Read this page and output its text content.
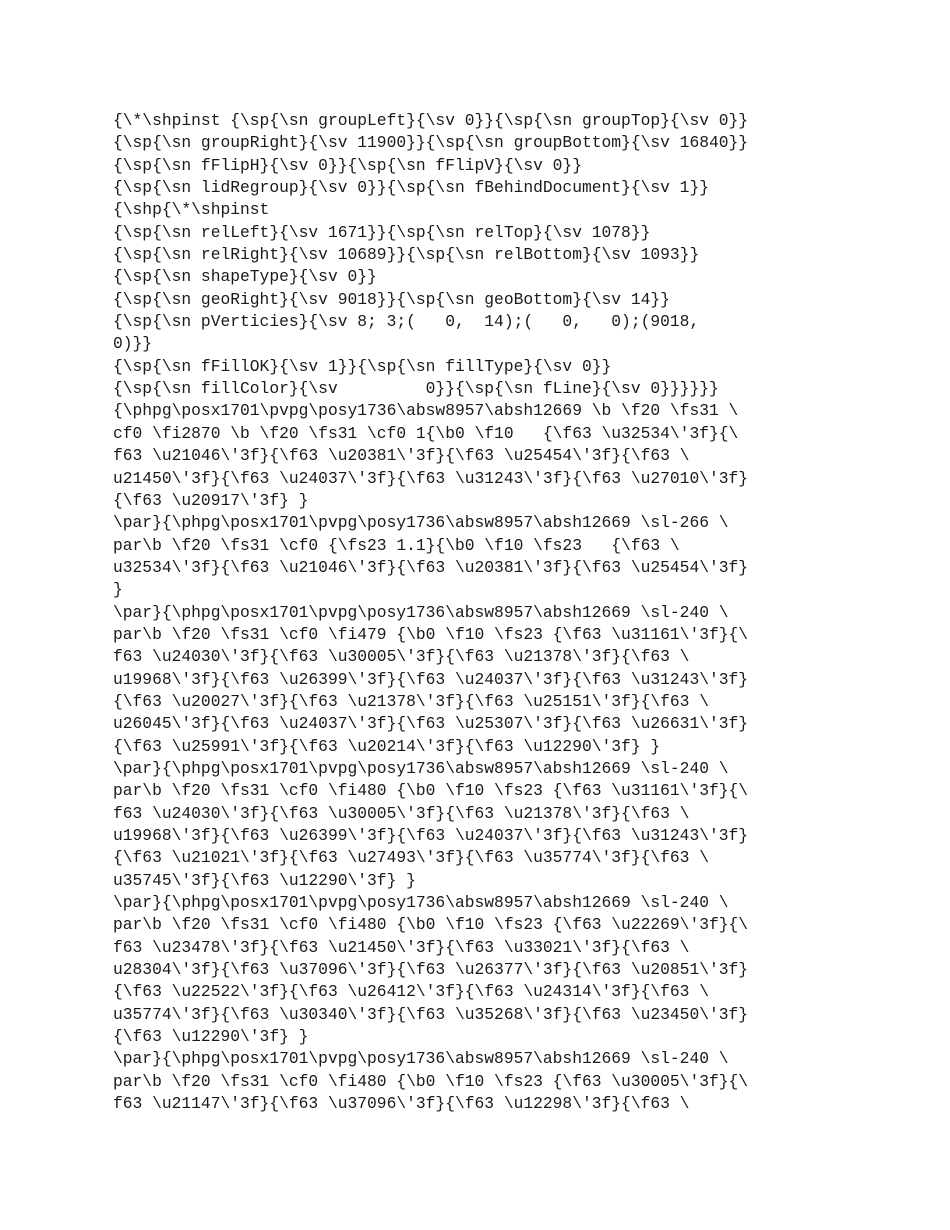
{\*\shpinst {\sp{\sn groupLeft}{\sv 0}}{\sp{\sn groupTop}{\sv 0}}
{\sp{\sn groupRight}{\sv 11900}}{\sp{\sn groupBottom}{\sv 16840}}
{\sp{\sn fFlipH}{\sv 0}}{\sp{\sn fFlipV}{\sv 0}}
{\sp{\sn lidRegroup}{\sv 0}}{\sp{\sn fBehindDocument}{\sv 1}}
{\shp{\*\shpinst
{\sp{\sn relLeft}{\sv 1671}}{\sp{\sn relTop}{\sv 1078}}
{\sp{\sn relRight}{\sv 10689}}{\sp{\sn relBottom}{\sv 1093}}
{\sp{\sn shapeType}{\sv 0}}
{\sp{\sn geoRight}{\sv 9018}}{\sp{\sn geoBottom}{\sv 14}}
{\sp{\sn pVerticies}{\sv 8; 3;(   0,  14);(   0,   0);(9018,
0)}}
{\sp{\sn fFillOK}{\sv 1}}{\sp{\sn fillType}{\sv 0}}
{\sp{\sn fillColor}{\sv         0}}{\sp{\sn fLine}{\sv 0}}}}}}
{\phpg\posx1701\pvpg\posy1736\absw8957\absh12669 \b \f20 \fs31 \
cf0 \fi2870 \b \f20 \fs31 \cf0 1{\b0 \f10   {\f63 \u32534\'3f}{\
f63 \u21046\'3f}{\f63 \u20381\'3f}{\f63 \u25454\'3f}{\f63 \
u21450\'3f}{\f63 \u24037\'3f}{\f63 \u31243\'3f}{\f63 \u27010\'3f}
{\f63 \u20917\'3f} }
\par}{\phpg\posx1701\pvpg\posy1736\absw8957\absh12669 \sl-266 \
par\b \f20 \fs31 \cf0 {\fs23 1.1}{\b0 \f10 \fs23   {\f63 \
u32534\'3f}{\f63 \u21046\'3f}{\f63 \u20381\'3f}{\f63 \u25454\'3f}
}
\par}{\phpg\posx1701\pvpg\posy1736\absw8957\absh12669 \sl-240 \
par\b \f20 \fs31 \cf0 \fi479 {\b0 \f10 \fs23 {\f63 \u31161\'3f}{\
f63 \u24030\'3f}{\f63 \u30005\'3f}{\f63 \u21378\'3f}{\f63 \
u19968\'3f}{\f63 \u26399\'3f}{\f63 \u24037\'3f}{\f63 \u31243\'3f}
{\f63 \u20027\'3f}{\f63 \u21378\'3f}{\f63 \u25151\'3f}{\f63 \
u26045\'3f}{\f63 \u24037\'3f}{\f63 \u25307\'3f}{\f63 \u26631\'3f}
{\f63 \u25991\'3f}{\f63 \u20214\'3f}{\f63 \u12290\'3f} }
\par}{\phpg\posx1701\pvpg\posy1736\absw8957\absh12669 \sl-240 \
par\b \f20 \fs31 \cf0 \fi480 {\b0 \f10 \fs23 {\f63 \u31161\'3f}{\
f63 \u24030\'3f}{\f63 \u30005\'3f}{\f63 \u21378\'3f}{\f63 \
u19968\'3f}{\f63 \u26399\'3f}{\f63 \u24037\'3f}{\f63 \u31243\'3f}
{\f63 \u21021\'3f}{\f63 \u27493\'3f}{\f63 \u35774\'3f}{\f63 \
u35745\'3f}{\f63 \u12290\'3f} }
\par}{\phpg\posx1701\pvpg\posy1736\absw8957\absh12669 \sl-240 \
par\b \f20 \fs31 \cf0 \fi480 {\b0 \f10 \fs23 {\f63 \u22269\'3f}{\
f63 \u23478\'3f}{\f63 \u21450\'3f}{\f63 \u33021\'3f}{\f63 \
u28304\'3f}{\f63 \u37096\'3f}{\f63 \u26377\'3f}{\f63 \u20851\'3f}
{\f63 \u22522\'3f}{\f63 \u26412\'3f}{\f63 \u24314\'3f}{\f63 \
u35774\'3f}{\f63 \u30340\'3f}{\f63 \u35268\'3f}{\f63 \u23450\'3f}
{\f63 \u12290\'3f} }
\par}{\phpg\posx1701\pvpg\posy1736\absw8957\absh12669 \sl-240 \
par\b \f20 \fs31 \cf0 \fi480 {\b0 \f10 \fs23 {\f63 \u30005\'3f}{\
f63 \u21147\'3f}{\f63 \u37096\'3f}{\f63 \u12298\'3f}{\f63 \
